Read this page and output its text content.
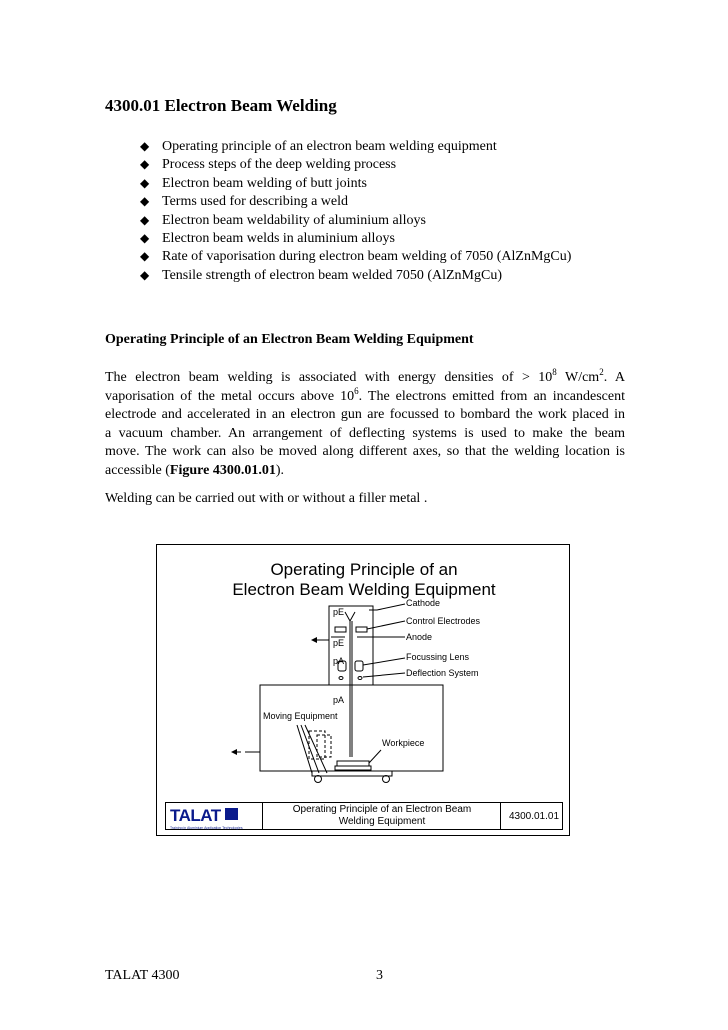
4300.01 Electron Beam Welding
◆ Operating principle of an electron beam welding equipment
◆ Process steps of the deep welding process
◆ Electron beam welding of butt joints
◆ Terms used for describing a weld
◆ Electron beam weldability of aluminium alloys
◆ Electron beam welds in aluminium alloys
◆ Rate of vaporisation during electron beam welding of 7050 (AlZnMgCu)
◆ Tensile strength of electron beam welded 7050 (AlZnMgCu)
Operating Principle of an Electron Beam Welding Equipment
The electron beam welding is associated with energy densities of > $10^8$ $W/cm^2$. A
vaporisation of the metal occurs above $10^6$. The electrons emitted from an incandescent
electrode and accelerated in an electron gun are focussed to bombard the work placed in
a vacuum chamber. An arrangement of deflecting systems is used to make the beam
move. The work can also be moved along different axes, so that the welding location is
accessible (Figure 4300.01.01).
Welding can be carried out with or without a filler metal .
Operating Principle of an
Electron Beam Welding Equipment
pE
pE
pA
pA
Cathode
Control Electrodes
Anode
Focussing Lens
Deflection System
Moving Equipment
Workpiece
TALAT
Training in Aluminium Application Technologies
Operating Principle of an Electron Beam
Welding Equipment	4300.01.01
TALAT 4300	3
